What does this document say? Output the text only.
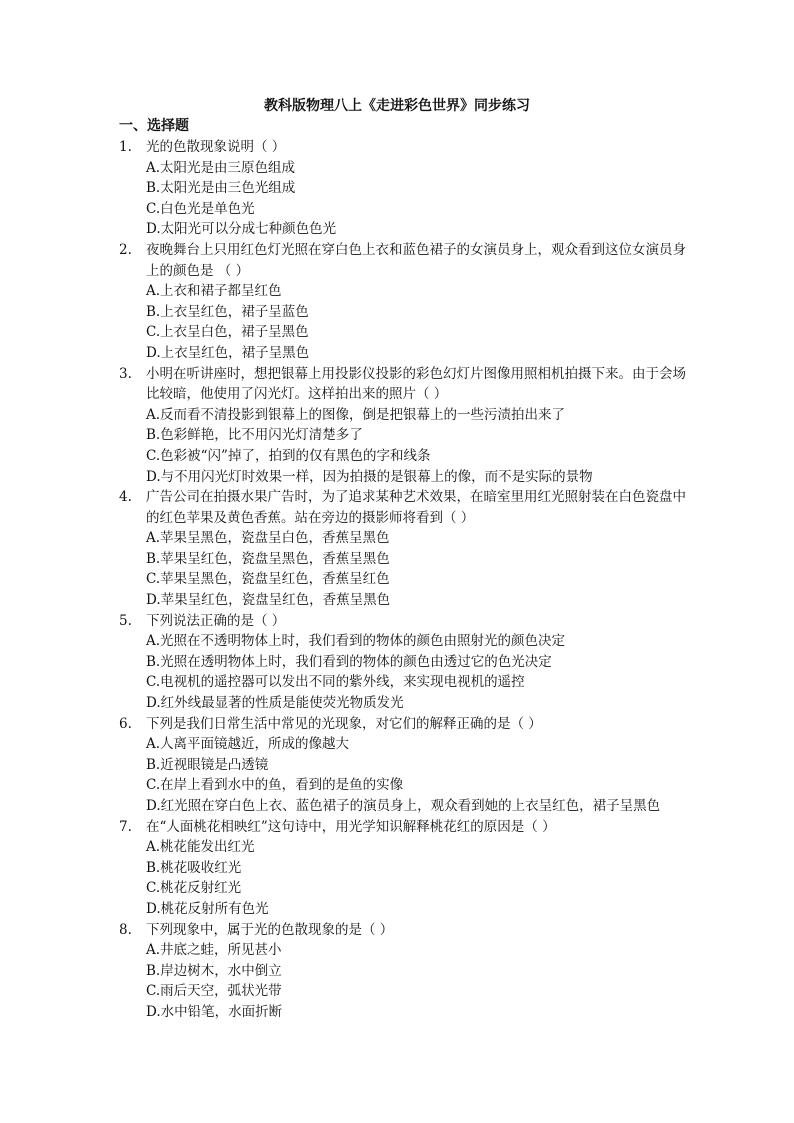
教科版物理八上《走进彩色世界》同步练习
一、选择题
1. 光的色散现象说明（ ）
A.太阳光是由三原色组成
B.太阳光是由三色光组成
C.白色光是单色光
D.太阳光可以分成七种颜色色光
2. 夜晚舞台上只用红色灯光照在穿白色上衣和蓝色裙子的女演员身上，观众看到这位女演员身上的颜色是 （ ）
A.上衣和裙子都呈红色
B.上衣呈红色，裙子呈蓝色
C.上衣呈白色，裙子呈黑色
D.上衣呈红色，裙子呈黑色
3. 小明在听讲座时，想把银幕上用投影仪投影的彩色幻灯片图像用照相机拍摄下来。由于会场比较暗，他使用了闪光灯。这样拍出来的照片（ ）
A.反而看不清投影到银幕上的图像，倒是把银幕上的一些污渍拍出来了
B.色彩鲜艳，比不用闪光灯清楚多了
C.色彩被“闪”掉了，拍到的仅有黑色的字和线条
D.与不用闪光灯时效果一样，因为拍摄的是银幕上的像，而不是实际的景物
4. 广告公司在拍摄水果广告时，为了追求某种艺术效果，在暗室里用红光照射装在白色瓷盘中的红色苹果及黄色香蕉。站在旁边的摄影师将看到（ ）
A.苹果呈黑色，瓷盘呈白色，香蕉呈黑色
B.苹果呈红色，瓷盘呈黑色，香蕉呈黑色
C.苹果呈黑色，瓷盘呈红色，香蕉呈红色
D.苹果呈红色，瓷盘呈红色，香蕉呈黑色
5. 下列说法正确的是（ ）
A.光照在不透明物体上时，我们看到的物体的颜色由照射光的颜色决定
B.光照在透明物体上时，我们看到的物体的颜色由透过它的色光决定
C.电视机的遥控器可以发出不同的紫外线，来实现电视机的遥控
D.红外线最显著的性质是能使荧光物质发光
6. 下列是我们日常生活中常见的光现象，对它们的解释正确的是（ ）
A.人离平面镜越近，所成的像越大
B.近视眼镜是凸透镜
C.在岸上看到水中的鱼，看到的是鱼的实像
D.红光照在穿白色上衣、蓝色裙子的演员身上，观众看到她的上衣呈红色，裙子呈黑色
7. 在“人面桃花相映红”这句诗中，用光学知识解释桃花红的原因是（ ）
A.桃花能发出红光
B.桃花吸收红光
C.桃花反射红光
D.桃花反射所有色光
8. 下列现象中，属于光的色散现象的是（ ）
A.井底之蛙，所见甚小
B.岸边树木，水中倒立
C.雨后天空，弧状光带
D.水中铅笔，水面折断
